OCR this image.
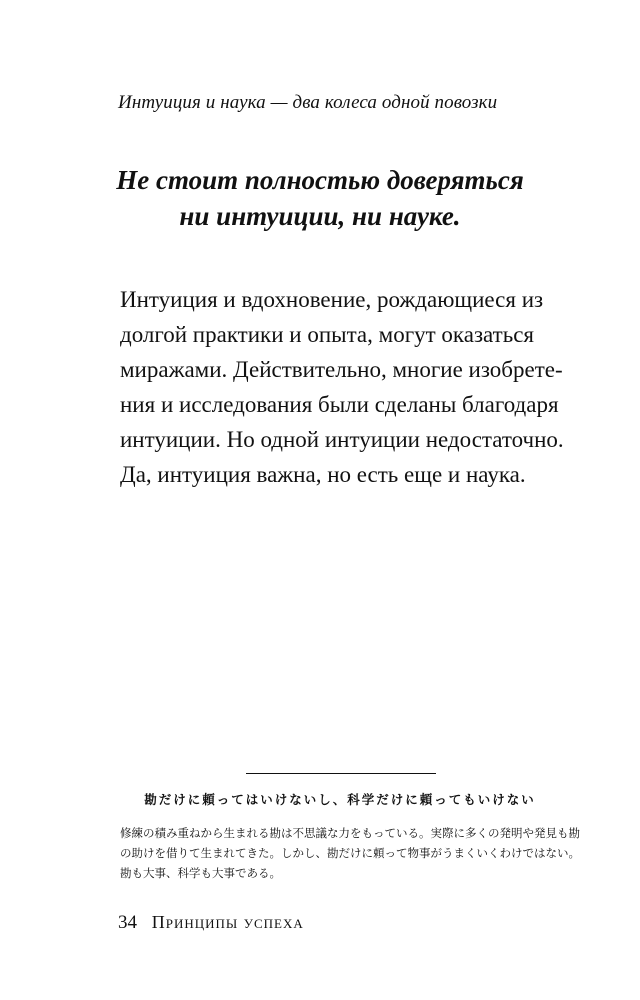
Интуиция и наука — два колеса одной повозки
Не стоит полностью доверяться
ни интуиции, ни науке.
Интуиция и вдохновение, рождающиеся из
долгой практики и опыта, могут оказаться
миражами. Действительно, многие изобрете-
ния и исследования были сделаны благодаря
интуиции. Но одной интуиции недостаточно.
Да, интуиция важна, но есть еще и наука.
勘だけに頼ってはいけないし、科学だけに頼ってもいけない
修練の積み重ねから生まれる勘は不思議な力をもっている。実際に多くの発明や発見も勘
の助けを借りて生まれてきた。しかし、勘だけに頼って物事がうまくいくわけではない。
勘も大事、科学も大事である。
34 Принципы успеха
